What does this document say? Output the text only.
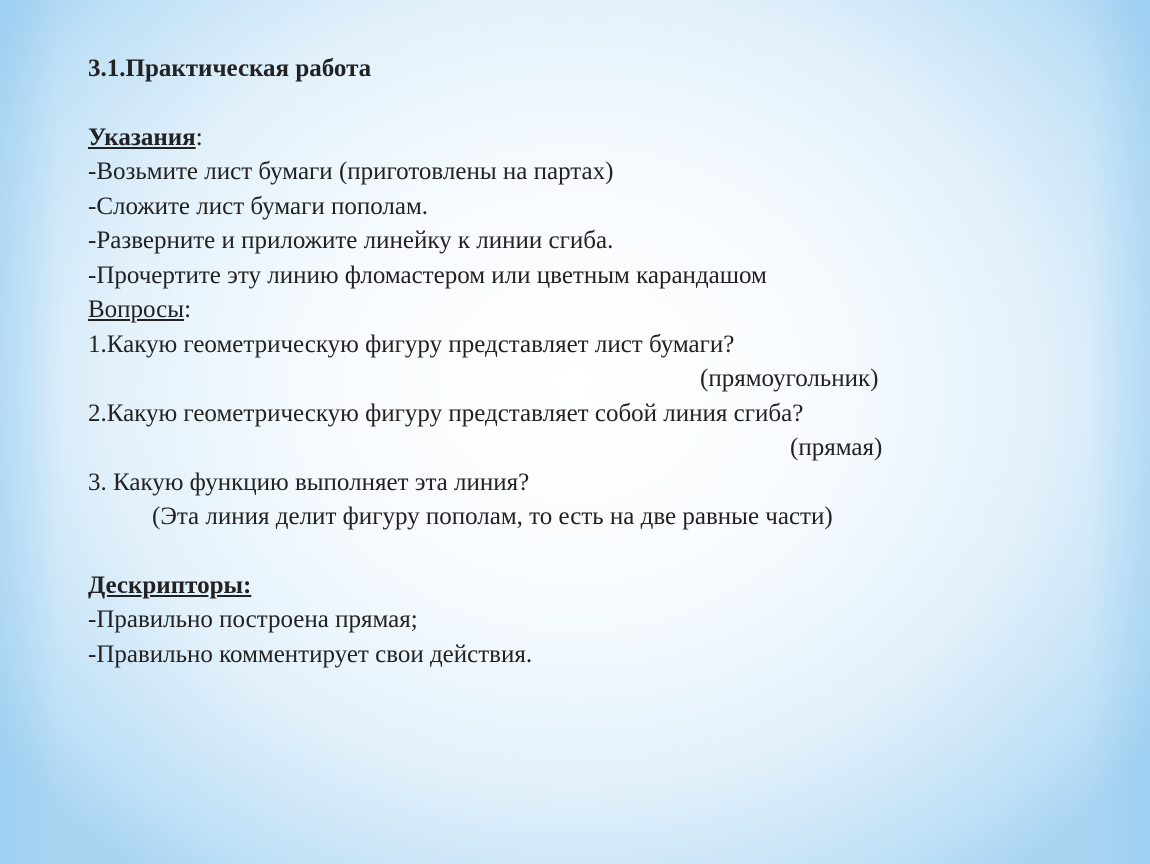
3.1.Практическая работа
Указания:
-Возьмите лист бумаги (приготовлены на партах)
-Сложите лист бумаги пополам.
-Разверните и приложите линейку к линии сгиба.
-Прочертите эту линию фломастером или цветным карандашом
Вопросы:
1.Какую геометрическую фигуру представляет лист бумаги?
(прямоугольник)
2.Какую геометрическую фигуру представляет собой линия сгиба?
(прямая)
3. Какую функцию выполняет эта линия?
(Эта линия делит фигуру пополам, то есть на две равные части)
Дескрипторы:
-Правильно построена прямая;
-Правильно комментирует свои действия.
